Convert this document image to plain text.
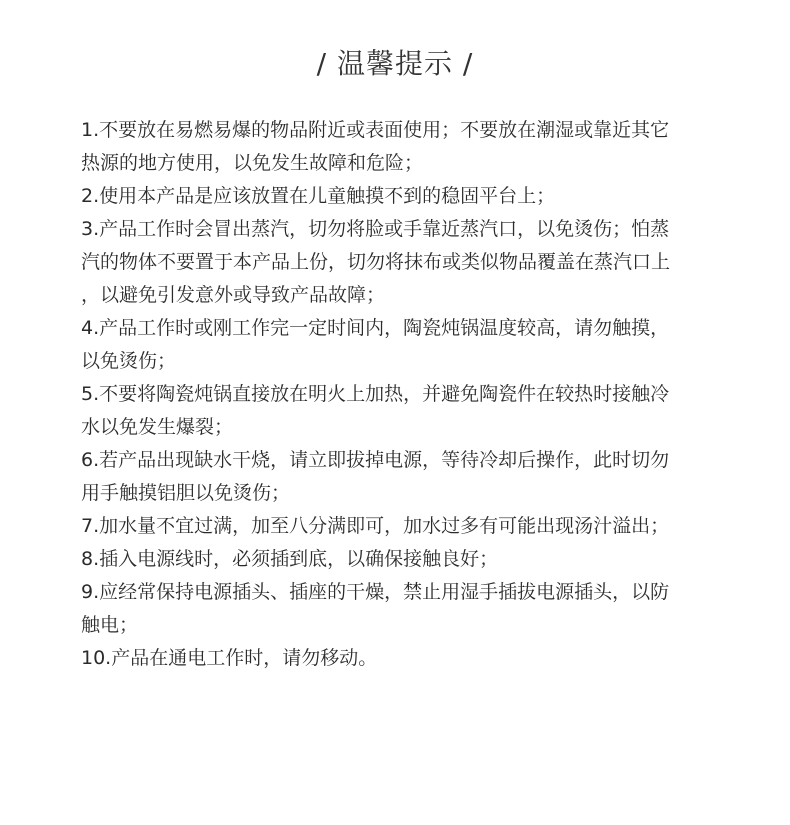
/ 温馨提示 /
1.不要放在易燃易爆的物品附近或表面使用；不要放在潮湿或靠近其它
热源的地方使用，以免发生故障和危险；
2.使用本产品是应该放置在儿童触摸不到的稳固平台上；
3.产品工作时会冒出蒸汽，切勿将脸或手靠近蒸汽口，以免烫伤；怕蒸
汽的物体不要置于本产品上份，切勿将抹布或类似物品覆盖在蒸汽口上
，以避免引发意外或导致产品故障；
4.产品工作时或刚工作完一定时间内，陶瓷炖锅温度较高，请勿触摸，
以免烫伤；
5.不要将陶瓷炖锅直接放在明火上加热，并避免陶瓷件在较热时接触冷
水以免发生爆裂；
6.若产品出现缺水干烧，请立即拔掉电源，等待冷却后操作，此时切勿
用手触摸铝胆以免烫伤；
7.加水量不宜过满，加至八分满即可，加水过多有可能出现汤汁溢出；
8.插入电源线时，必须插到底，以确保接触良好；
9.应经常保持电源插头、插座的干燥，禁止用湿手插拔电源插头，以防
触电；
10.产品在通电工作时，请勿移动。
